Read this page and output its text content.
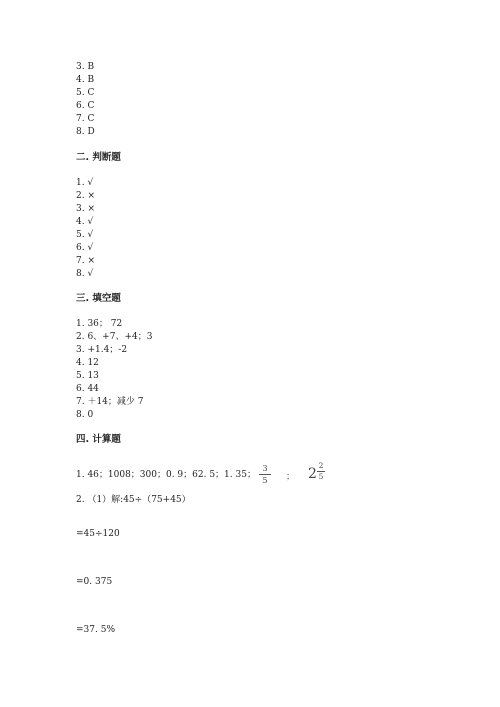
3. B
4. B
5. C
6. C
7. C
8. D
二. 判断题
1. √
2. ×
3. ×
4. √
5. √
6. √
7. ×
8. √
三. 填空题
1. 36； 72
2. 6、+7、+4；3
3. +1.4；-2
4. 12
5. 13
6. 44
7. ＋14；减少 7
8. 0
四. 计算题
1. 46；1008；300；0. 9；62. 5；1. 35；
3
5	； 2
2
5
2. （1）解:45÷（75+45）
=45÷120
=0. 375
=37. 5%
